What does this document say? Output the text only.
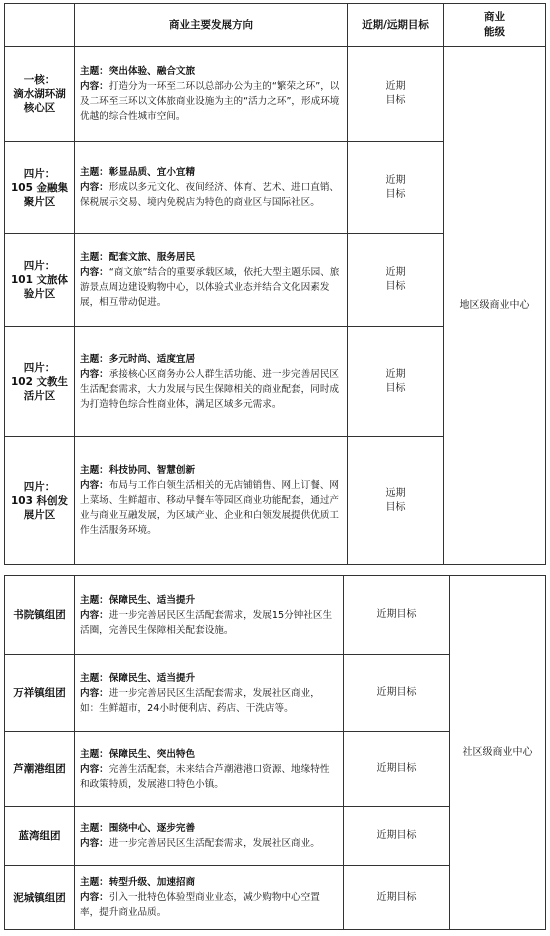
	商业主要发展方向	近期/远期目标	商业
能级
一核：
滴水湖环湖
核心区	主题：突出体验、融合文旅
内容：打造分为一环至二环以总部办公为主的“繁荣之环”，以及二环至三环以文体旅商业设施为主的“活力之环”，形成环境优越的综合性城市空间。	近期
目标	地区级商业中心
四片：
105 金融集
聚片区	主题：彰显品质、宜小宜精
内容：形成以多元文化、夜间经济、体育、艺术、进口直销、保税展示交易、境内免税店为特色的商业区与国际社区。	近期
目标	
四片：
101 文旅体
验片区	主题：配套文旅、服务居民
内容：“商文旅”结合的重要承载区域，依托大型主题乐园、旅游景点周边建设购物中心，以体验式业态并结合文化因素发展，相互带动促进。	近期
目标	
四片：
102 文教生
活片区	主题：多元时尚、适度宜居
内容：承接核心区商务办公人群生活功能、进一步完善居民区生活配套需求，大力发展与民生保障相关的商业配套，同时成为打造特色综合性商业体，满足区域多元需求。	近期
目标	
四片：
103 科创发
展片区	主题：科技协同、智慧创新
内容：布局与工作白领生活相关的无店铺销售、网上订餐、网上菜场、生鲜超市、移动早餐车等园区商业功能配套，通过产业与商业互融发展，为区域产业、企业和白领发展提供优质工作生活服务环境。	远期
目标	
书院镇组团	主题：保障民生、适当提升
内容：进一步完善居民区生活配套需求，发展15分钟社区生活圈，完善民生保障相关配套设施。	近期目标	社区级商业中心
万祥镇组团	主题：保障民生、适当提升
内容：进一步完善居民区生活配套需求，发展社区商业，如：生鲜超市，24小时便利店、药店、干洗店等。	近期目标	
芦潮港组团	主题：保障民生、突出特色
内容：完善生活配套，未来结合芦潮港港口资源、地缘特性和政策特质，发展港口特色小镇。	近期目标	
蓝湾组团	主题：围绕中心、逐步完善
内容：进一步完善居民区生活配套需求，发展社区商业。	近期目标	
泥城镇组团	主题：转型升级、加速招商
内容：引入一批特色体验型商业业态，减少购物中心空置率，提升商业品质。	近期目标	
